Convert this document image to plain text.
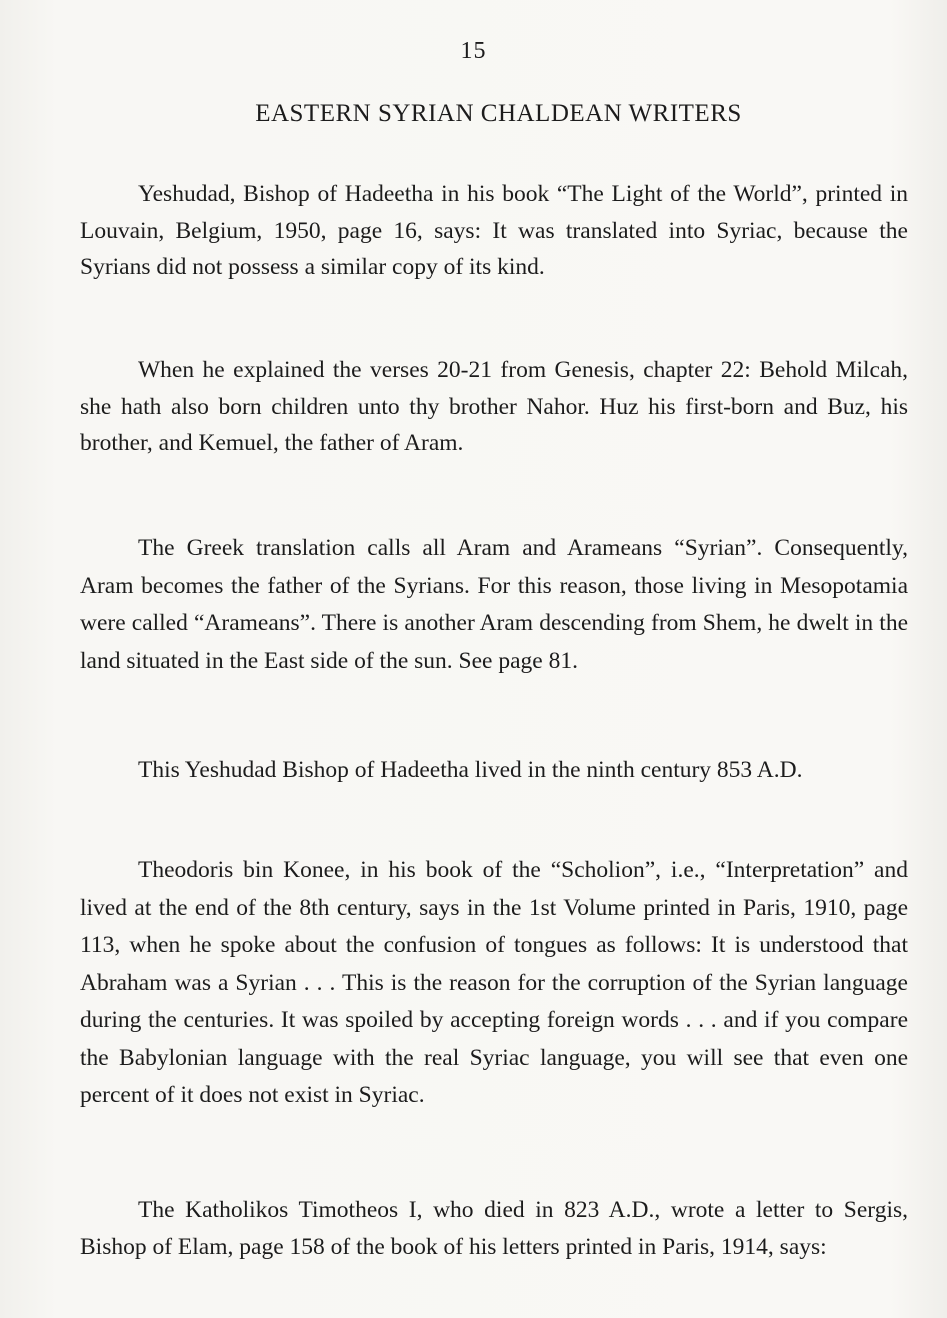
15
EASTERN SYRIAN CHALDEAN WRITERS

Yeshudad, Bishop of Hadeetha in his book “The Light of the World”, printed in Louvain, Belgium, 1950, page 16, says: It was translated into Syriac, because the Syrians did not possess a similar copy of its kind.

When he explained the verses 20-21 from Genesis, chapter 22: Behold Milcah, she hath also born children unto thy brother Nahor. Huz his first-born and Buz, his brother, and Kemuel, the father of Aram.

The Greek translation calls all Aram and Arameans “Syrian”. Consequently, Aram becomes the father of the Syrians. For this reason, those living in Mesopotamia were called “Arameans”. There is another Aram descending from Shem, he dwelt in the land situated in the East side of the sun. See page 81.

This Yeshudad Bishop of Hadeetha lived in the ninth century 853 A.D.

Theodoris bin Konee, in his book of the “Scholion”, i.e., “Interpretation” and lived at the end of the 8th century, says in the 1st Volume printed in Paris, 1910, page 113, when he spoke about the confusion of tongues as follows: It is understood that Abraham was a Syrian . . . This is the reason for the corruption of the Syrian language during the centuries. It was spoiled by accepting foreign words . . . and if you compare the Babylonian language with the real Syriac language, you will see that even one percent of it does not exist in Syriac.

The Katholikos Timotheos I, who died in 823 A.D., wrote a letter to Sergis, Bishop of Elam, page 158 of the book of his letters printed in Paris, 1914, says:
